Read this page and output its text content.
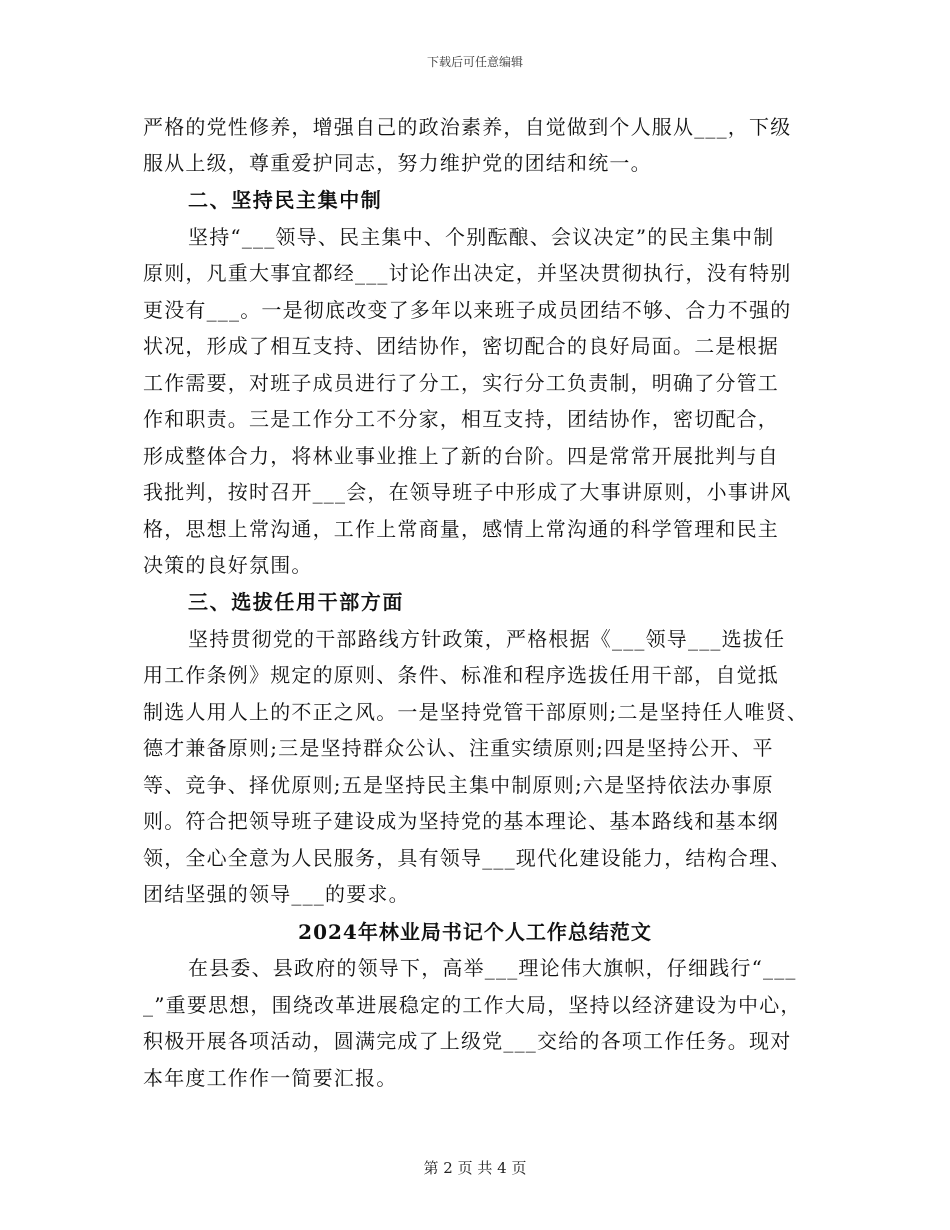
下载后可任意编辑
严格的党性修养，增强自己的政治素养，自觉做到个人服从___，下级
服从上级，尊重爱护同志，努力维护党的团结和统一。
二、坚持民主集中制
坚持“___领导、民主集中、个别酝酿、会议决定”的民主集中制
原则，凡重大事宜都经___讨论作出决定，并坚决贯彻执行，没有特别
更没有___。一是彻底改变了多年以来班子成员团结不够、合力不强的
状况，形成了相互支持、团结协作，密切配合的良好局面。二是根据
工作需要，对班子成员进行了分工，实行分工负责制，明确了分管工
作和职责。三是工作分工不分家，相互支持，团结协作，密切配合，
形成整体合力，将林业事业推上了新的台阶。四是常常开展批判与自
我批判，按时召开___会，在领导班子中形成了大事讲原则，小事讲风
格，思想上常沟通，工作上常商量，感情上常沟通的科学管理和民主
决策的良好氛围。
三、选拔任用干部方面
坚持贯彻党的干部路线方针政策，严格根据《___领导___选拔任
用工作条例》规定的原则、条件、标准和程序选拔任用干部，自觉抵
制选人用人上的不正之风。一是坚持党管干部原则;二是坚持任人唯贤、
德才兼备原则;三是坚持群众公认、注重实绩原则;四是坚持公开、平
等、竞争、择优原则;五是坚持民主集中制原则;六是坚持依法办事原
则。符合把领导班子建设成为坚持党的基本理论、基本路线和基本纲
领，全心全意为人民服务，具有领导___现代化建设能力，结构合理、
团结坚强的领导___的要求。
2024年林业局书记个人工作总结范文
在县委、县政府的领导下，高举___理论伟大旗帜，仔细践行“___
_”重要思想，围绕改革进展稳定的工作大局，坚持以经济建设为中心，
积极开展各项活动，圆满完成了上级党___交给的各项工作任务。现对
本年度工作作一简要汇报。
第 2 页 共 4 页
